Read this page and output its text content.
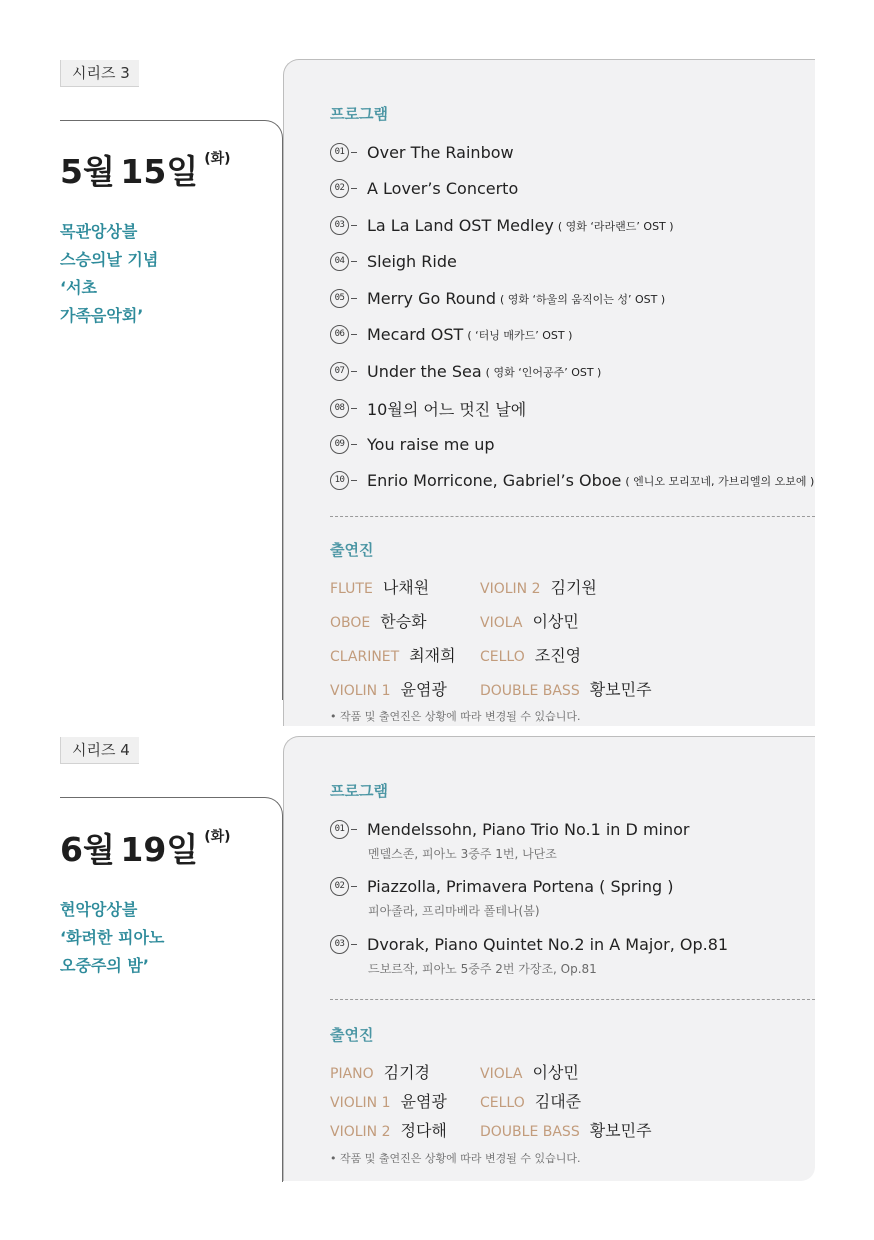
시리즈 3
5월 15일 (화)
목관앙상블
스승의날 기념
‘서초
가족음악회’
프로그램
01 Over The Rainbow
02 A Lover’s Concerto
03 La La Land OST Medley ( 영화 ‘라라랜드’ OST )
04 Sleigh Ride
05 Merry Go Round ( 영화 ‘하울의 움직이는 성’ OST )
06 Mecard OST ( ‘터닝 매카드’ OST )
07 Under the Sea ( 영화 ‘인어공주’ OST )
08 10월의 어느 멋진 날에
09 You raise me up
10 Enrio Morricone, Gabriel’s Oboe ( 엔니오 모리꼬네, 가브리엘의 오보에 )
출연진
FLUTE 나채원	VIOLIN 2 김기원
OBOE 한승화	VIOLA 이상민
CLARINET 최재희 CELLO 조진영
VIOLIN 1 윤염광 DOUBLE BASS 황보민주
• 작품 및 출연진은 상황에 따라 변경될 수 있습니다.
시리즈 4
6월 19일 (화)
현악앙상블
‘화려한 피아노
오중주의 밤’
프로그램
01 Mendelssohn, Piano Trio No.1 in D minor
멘델스존, 피아노 3중주 1번, 나단조
02 Piazzolla, Primavera Portena ( Spring )
피아졸라, 프리마베라 폴테나(봄)
03 Dvorak, Piano Quintet No.2 in A Major, Op.81
드보르작, 피아노 5중주 2번 가장조, Op.81
출연진
PIANO 김기경	VIOLA 이상민
VIOLIN 1 윤염광 CELLO 김대준
VIOLIN 2 정다해 DOUBLE BASS 황보민주
• 작품 및 출연진은 상황에 따라 변경될 수 있습니다.
